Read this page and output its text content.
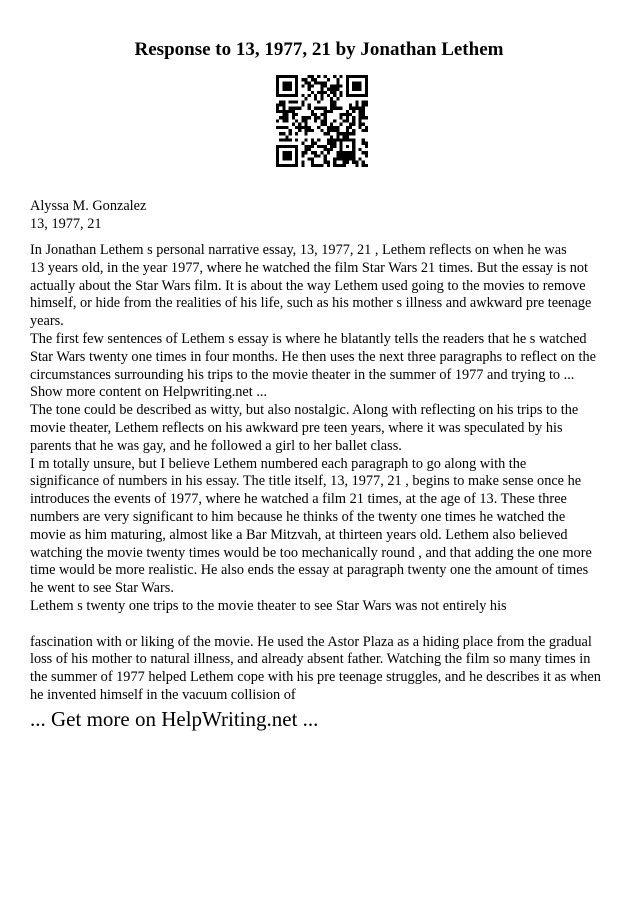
Response to 13, 1977, 21 by Jonathan Lethem
Alyssa M. Gonzalez
13, 1977, 21
In Jonathan Lethem s personal narrative essay, 13, 1977, 21 , Lethem reflects on when he was
13 years old, in the year 1977, where he watched the film Star Wars 21 times. But the essay is not
actually about the Star Wars film. It is about the way Lethem used going to the movies to remove
himself, or hide from the realities of his life, such as his mother s illness and awkward pre teenage
years.
The first few sentences of Lethem s essay is where he blatantly tells the readers that he s watched
Star Wars twenty one times in four months. He then uses the next three paragraphs to reflect on the
circumstances surrounding his trips to the movie theater in the summer of 1977 and trying to ...
Show more content on Helpwriting.net ...
The tone could be described as witty, but also nostalgic. Along with reflecting on his trips to the
movie theater, Lethem reflects on his awkward pre teen years, where it was speculated by his
parents that he was gay, and he followed a girl to her ballet class.
I m totally unsure, but I believe Lethem numbered each paragraph to go along with the
significance of numbers in his essay. The title itself, 13, 1977, 21 , begins to make sense once he
introduces the events of 1977, where he watched a film 21 times, at the age of 13. These three
numbers are very significant to him because he thinks of the twenty one times he watched the
movie as him maturing, almost like a Bar Mitzvah, at thirteen years old. Lethem also believed
watching the movie twenty times would be too mechanically round , and that adding the one more
time would be more realistic. He also ends the essay at paragraph twenty one the amount of times
he went to see Star Wars.
Lethem s twenty one trips to the movie theater to see Star Wars was not entirely his
fascination with or liking of the movie. He used the Astor Plaza as a hiding place from the gradual
loss of his mother to natural illness, and already absent father. Watching the film so many times in
the summer of 1977 helped Lethem cope with his pre teenage struggles, and he describes it as when
he invented himself in the vacuum collision of
... Get more on HelpWriting.net ...
